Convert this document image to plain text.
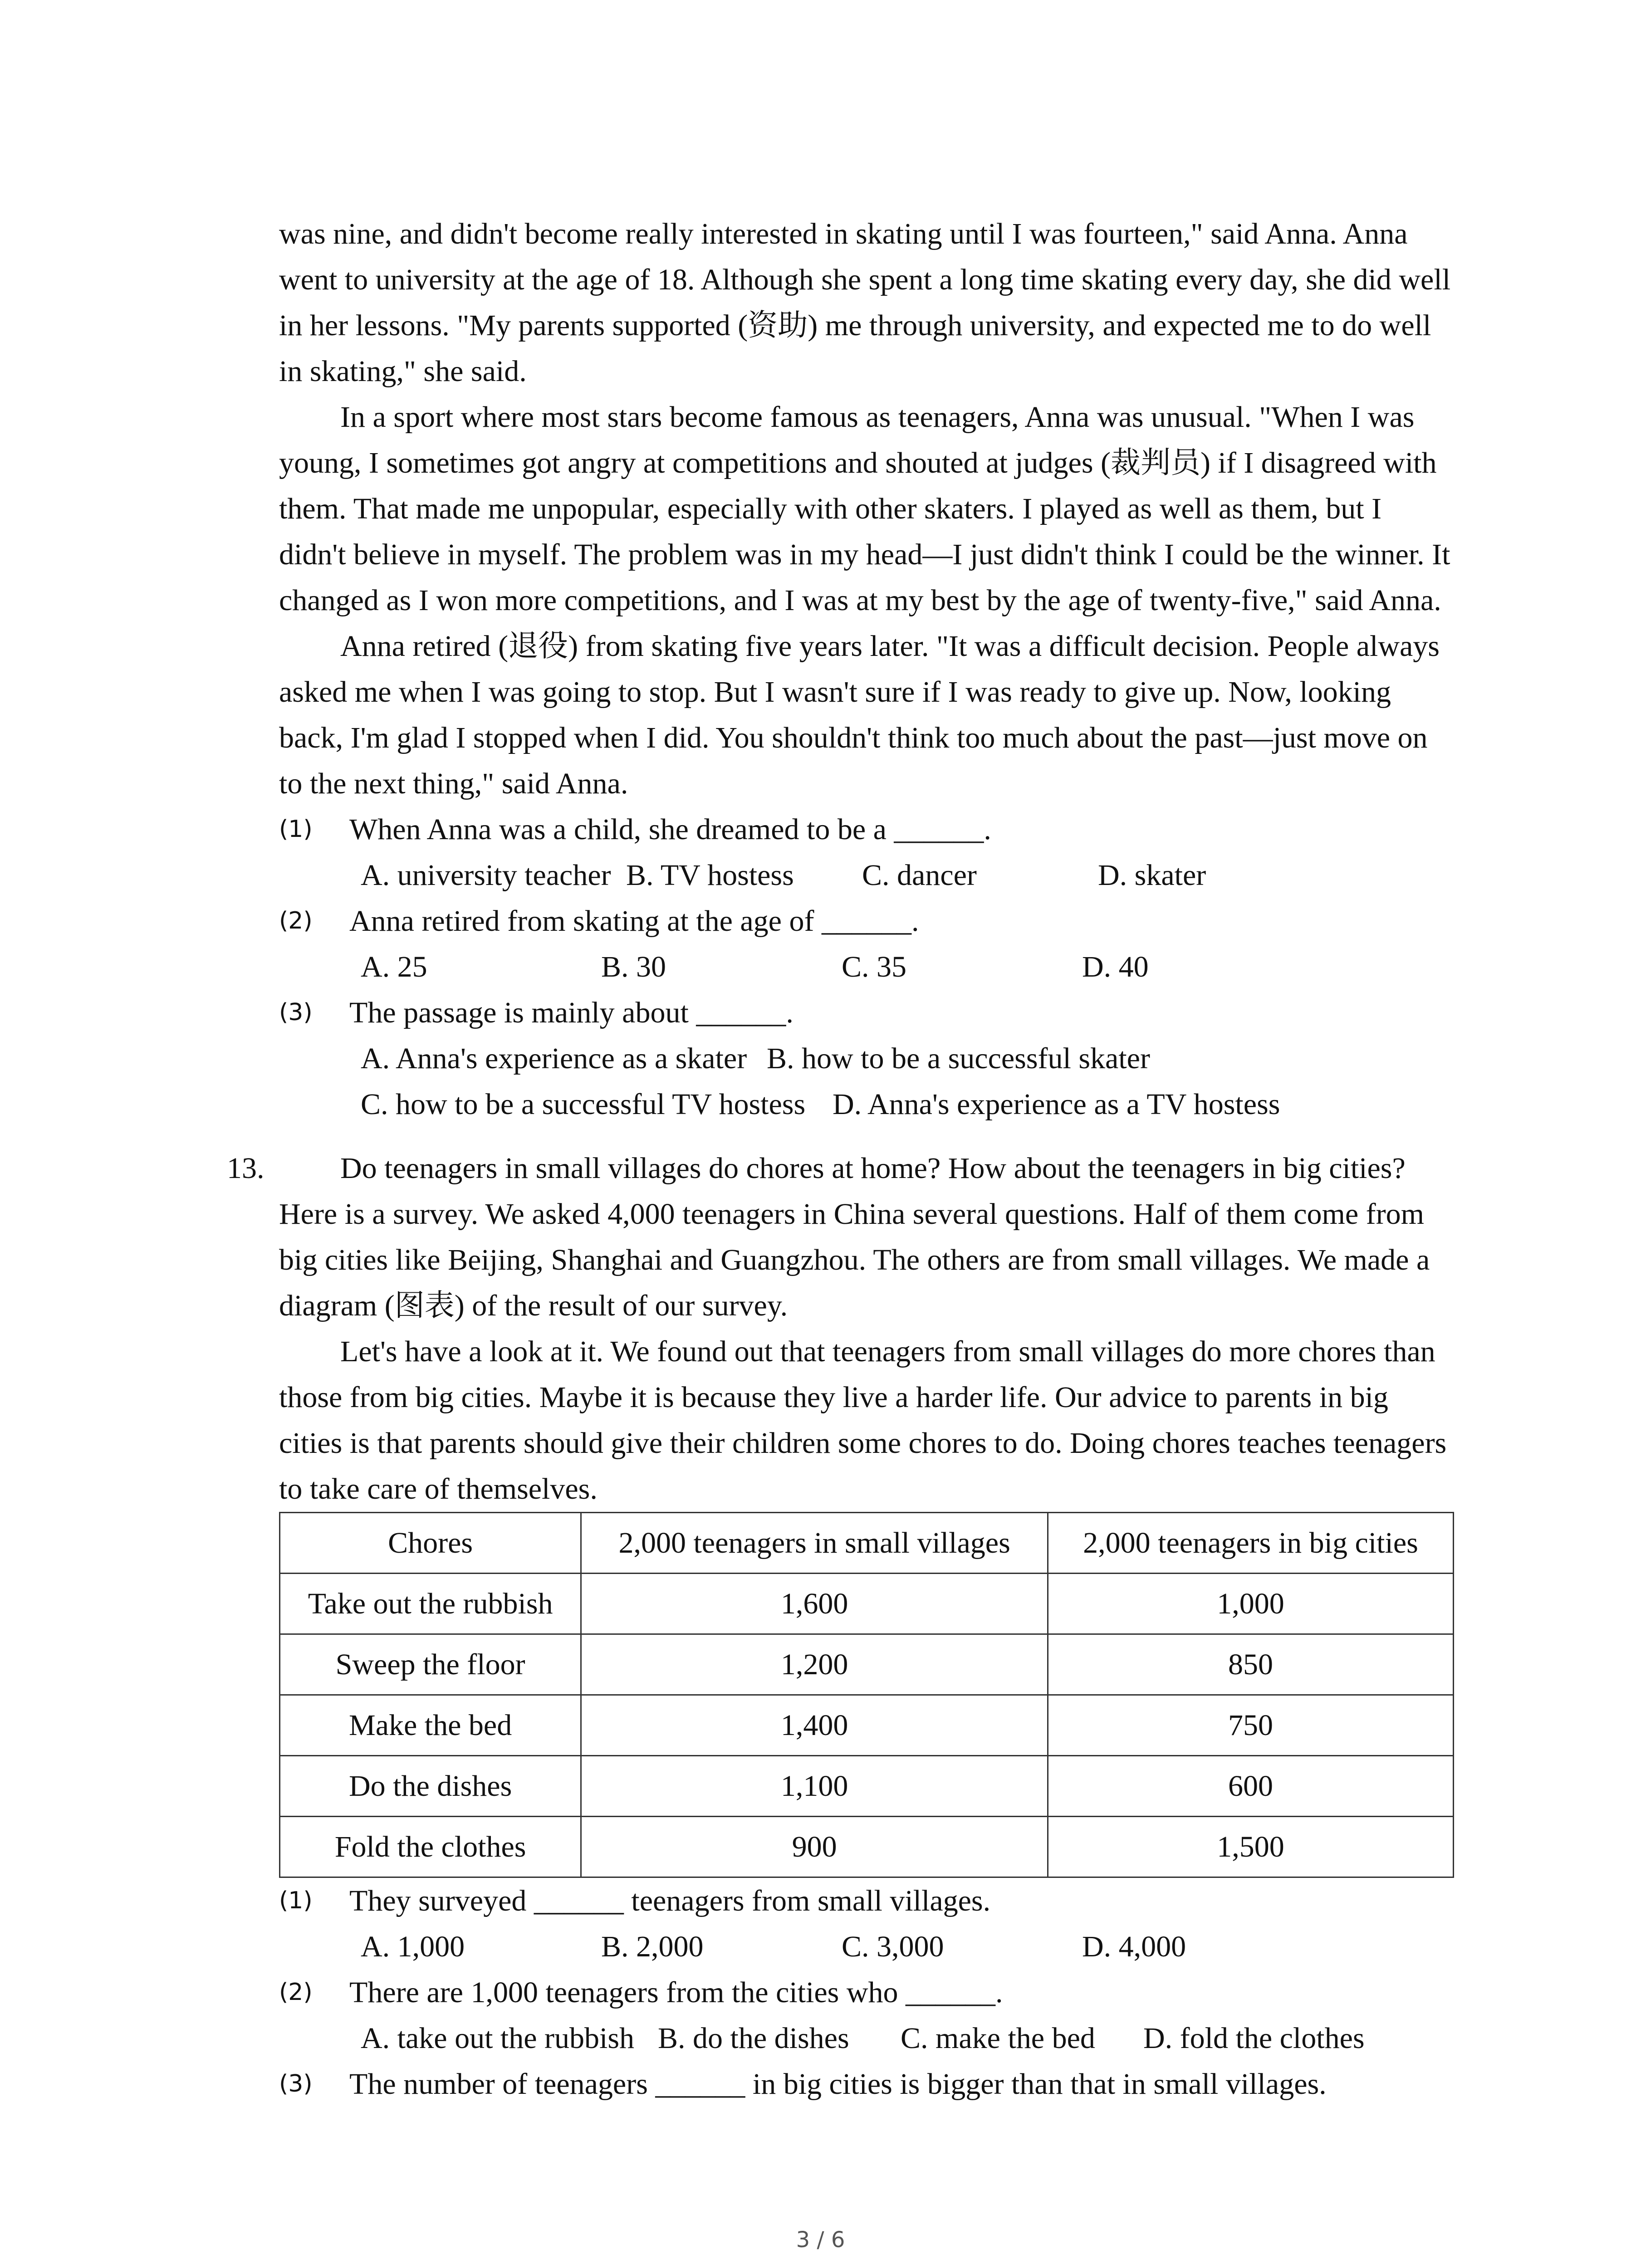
was nine, and didn't become really interested in skating until I was fourteen," said Anna. Anna went to university at the age of 18. Although she spent a long time skating every day, she did well in her lessons. "My parents supported (资助) me through university, and expected me to do well in skating," she said.

In a sport where most stars become famous as teenagers, Anna was unusual. "When I was young, I sometimes got angry at competitions and shouted at judges (裁判员) if I disagreed with them. That made me unpopular, especially with other skaters. I played as well as them, but I didn't believe in myself. The problem was in my head—I just didn't think I could be the winner. It changed as I won more competitions, and I was at my best by the age of twenty-five," said Anna.

Anna retired (退役) from skating five years later. "It was a difficult decision. People always asked me when I was going to stop. But I wasn't sure if I was ready to give up. Now, looking back, I'm glad I stopped when I did. You shouldn't think too much about the past—just move on to the next thing," said Anna.

(1) When Anna was a child, she dreamed to be a ______.
A. university teacher B. TV hostess C. dancer	D. skater
(2) Anna retired from skating at the age of ______.
A. 25	B. 30	C. 35	D. 40
(3) The passage is mainly about ______.
A. Anna's experience as a skater B. how to be a successful skater
C. how to be a successful TV hostess D. Anna's experience as a TV hostess
13.	Do teenagers in small villages do chores at home? How about the teenagers in big cities? Here is a survey. We asked 4,000 teenagers in China several questions. Half of them come from big cities like Beijing, Shanghai and Guangzhou. The others are from small villages. We made a diagram (图表) of the result of our survey.

Let's have a look at it. We found out that teenagers from small villages do more chores than those from big cities. Maybe it is because they live a harder life. Our advice to parents in big cities is that parents should give their children some chores to do. Doing chores teaches teenagers to take care of themselves.

Chores	2,000 teenagers in small villages	2,000 teenagers in big cities
Take out the rubbish	1,600	1,000
Sweep the floor	1,200	850
Make the bed	1,400	750
Do the dishes	1,100	600
Fold the clothes	900	1,500
(1) They surveyed ______ teenagers from small villages.
A. 1,000	B. 2,000	C. 3,000	D. 4,000
(2) There are 1,000 teenagers from the cities who ______.
A. take out the rubbish B. do the dishes C. make the bed D. fold the clothes
(3) The number of teenagers ______ in big cities is bigger than that in small villages.
3 / 6
